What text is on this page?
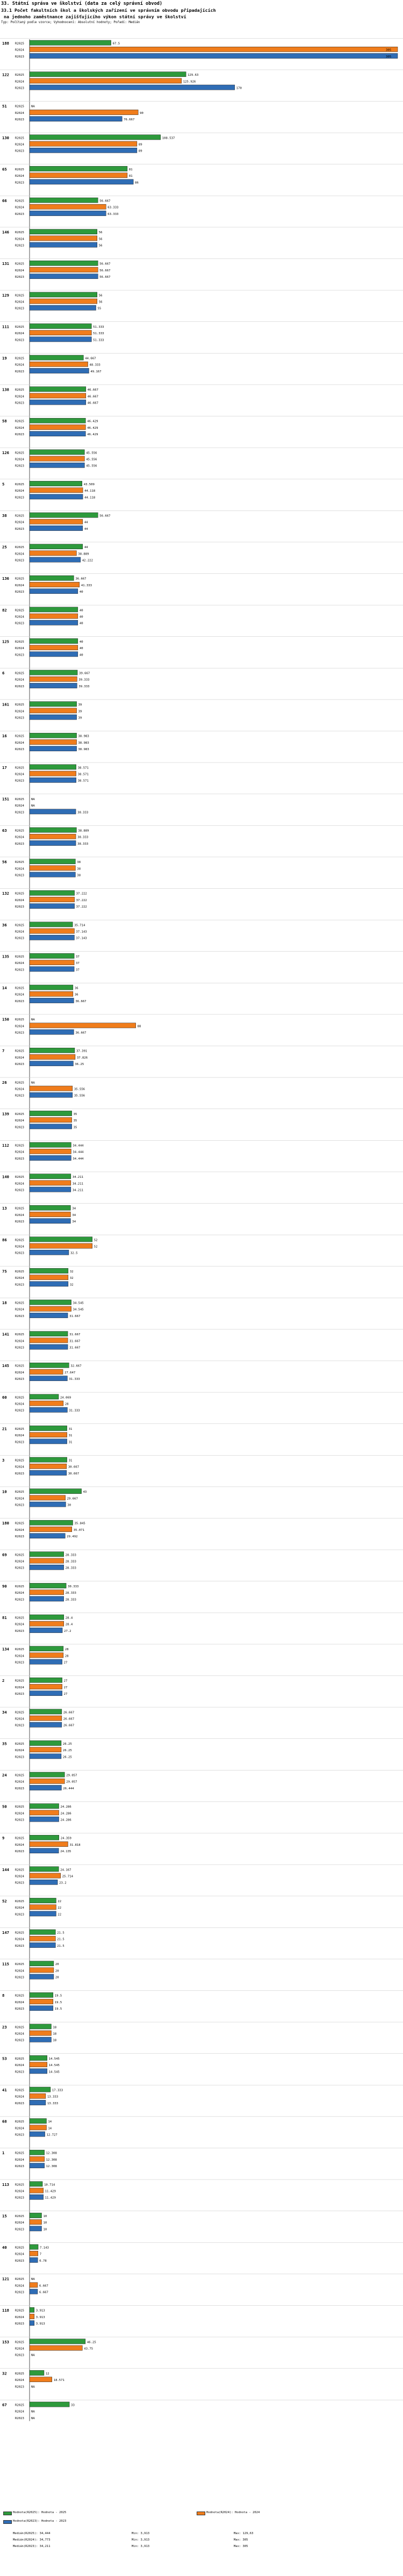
33. Státní správa ve školství (data za celý správní obvod)
33.1 Počet fakultních škol a školských zařízení ve správním obvodu připadajících
na jednoho zaměstnance zajišťujícího výkon státní správy ve školství
Typ: Počítaný podle vzorce; Vyhodnocení: Absolutní hodnoty; Pořadí: Medián
188 R2025	67.5
R2024	305
R2023	305
122 R2025	129.63
R2024	125.926
R2023	170
51	R2025 NA
R2024	90
R2023	76.667
130 R2025	108.537
R2024	89
R2023	89
65	R2025	81
R2024	81
R2023	86
66	R2025	56.667
R2024	63.333
R2023	63.333
146 R2025	56
R2024	56
R2023	56
131 R2025	56.667
R2024	56.667
R2023	56.667
129 R2025	56
R2024	56
R2023	55
111 R2025	51.333
R2024	51.333
R2023	51.333
19	R2025	44.667
R2024	48.333
R2023	49.167
138 R2025	46.667
R2024	46.667
R2023	46.667
58	R2025	46.429
R2024	46.429
R2023	46.429
126 R2025	45.556
R2024	45.556
R2023	45.556
5	R2025	43.509
R2024	44.118
R2023	44.118
38	R2025	56.667
R2024	44
R2023	44
25	R2025	44
R2024	38.889
R2023	42.222
136 R2025	36.667
R2024	41.333
R2023	40
82	R2025	40
R2024	40
R2023	40
125 R2025	40
R2024	40
R2023	40
6	R2025	39.667
R2024	39.333
R2023	39.333
161 R2025	39
R2024	39
R2023	39
16	R2025	38.983
R2024	38.983
R2023	38.983
17	R2025	38.571
R2024	38.571
R2023	38.571
151 R2025 NA
R2024 NA
R2023	38.333
63	R2025	38.889
R2024	38.333
R2023	38.333
56	R2025	38
R2024	38
R2023	38
132 R2025	37.222
R2024	37.222
R2023	37.222
36	R2025	35.714
R2024	37.143
R2023	37.143
135 R2025	37
R2024	37
R2023	37
14	R2025	36
R2024	36
R2023	36.667
150 R2025 NA
R2024	88
R2023	36.667
7	R2025	37.391
R2024	37.826
R2023	36.25
26	R2025 NA
R2024	35.556
R2023	35.556
139 R2025	35
R2024	35
R2023	35
112 R2025	34.444
R2024	34.444
R2023	34.444
140 R2025	34.211
R2024	34.211
R2023	34.211
13	R2025	34
R2024	34
R2023	34
86	R2025	52
R2024	52
R2023	32.5
75	R2025	32
R2024	32
R2023	32
18	R2025	34.545
R2024	34.545
R2023	31.667
141 R2025	31.667
R2024	31.667
R2023	31.667
145 R2025	32.667
R2024	27.647
R2023	31.333
60	R2025	24.069
R2024	28
R2023	31.333
21	R2025	31
R2024	31
R2023	31
3	R2025	31
R2024	30.667
R2023	30.667
10	R2025	43
R2024	29.667
R2023	30
180 R2025	35.845
R2024	35.071
R2023	29.492
69	R2025	28.333
R2024	28.333
R2023	28.333
90	R2025	30.333
R2024	28.333
R2023	28.333
81	R2025	28.4
R2024	28.4
R2023	27.2
134 R2025	28
R2024	28
R2023	27
2	R2025	27
R2024	27
R2023	27
34	R2025	26.667
R2024	26.667
R2023	26.667
35	R2025	26.25
R2024	26.25
R2023	26.25
24	R2025	29.057
R2024	29.057
R2023	26.444
50	R2025	24.286
R2024	24.286
R2023	24.286
9	R2025	24.359
R2024	31.818
R2023	24.135
144 R2025	24.167
R2024	25.714
R2023	23.2
52	R2025	22
R2024	22
R2023	22
147 R2025	21.5
R2024	21.5
R2023	21.5
115 R2025	20
R2024	20
R2023	20
8	R2025	19.5
R2024	19.5
R2023	19.5
23	R2025	18
R2024	18
R2023	18
53	R2025	14.545
R2024	14.545
R2023	14.545
41	R2025	17.333
R2024	13.333
R2023	13.333
68	R2025	14
R2024	14
R2023	12.727
1	R2025	12.308
R2024	12.308
R2023	12.308
113 R2025	10.714
R2024	11.429
R2023	11.429
15	R2025	10
R2024	10
R2023	10
40	R2025	7.143
R2024	7
R2023	6.78
121 R2025 NA
R2024	6.667
R2023	6.667
118 R2025	3.913
R2024	3.913
R2023	3.913
153 R2025	46.25
R2024	43.75
R2023 NA
32	R2025	12
R2024	18.571
R2023 NA
67	R2025	33
R2024 NA
R2023 NA
Hodnota(R2025): Hodnota - 2025	Hodnota(R2024): Hodnota - 2024
Hodnota(R2023): Hodnota - 2023
Medián(R2025): 34,444	Min: 3,913	Max: 129,63
Medián(R2024): 34,773	Min: 3,913	Max: 305
Medián(R2023): 34,211	Min: 3,913	Max: 305
